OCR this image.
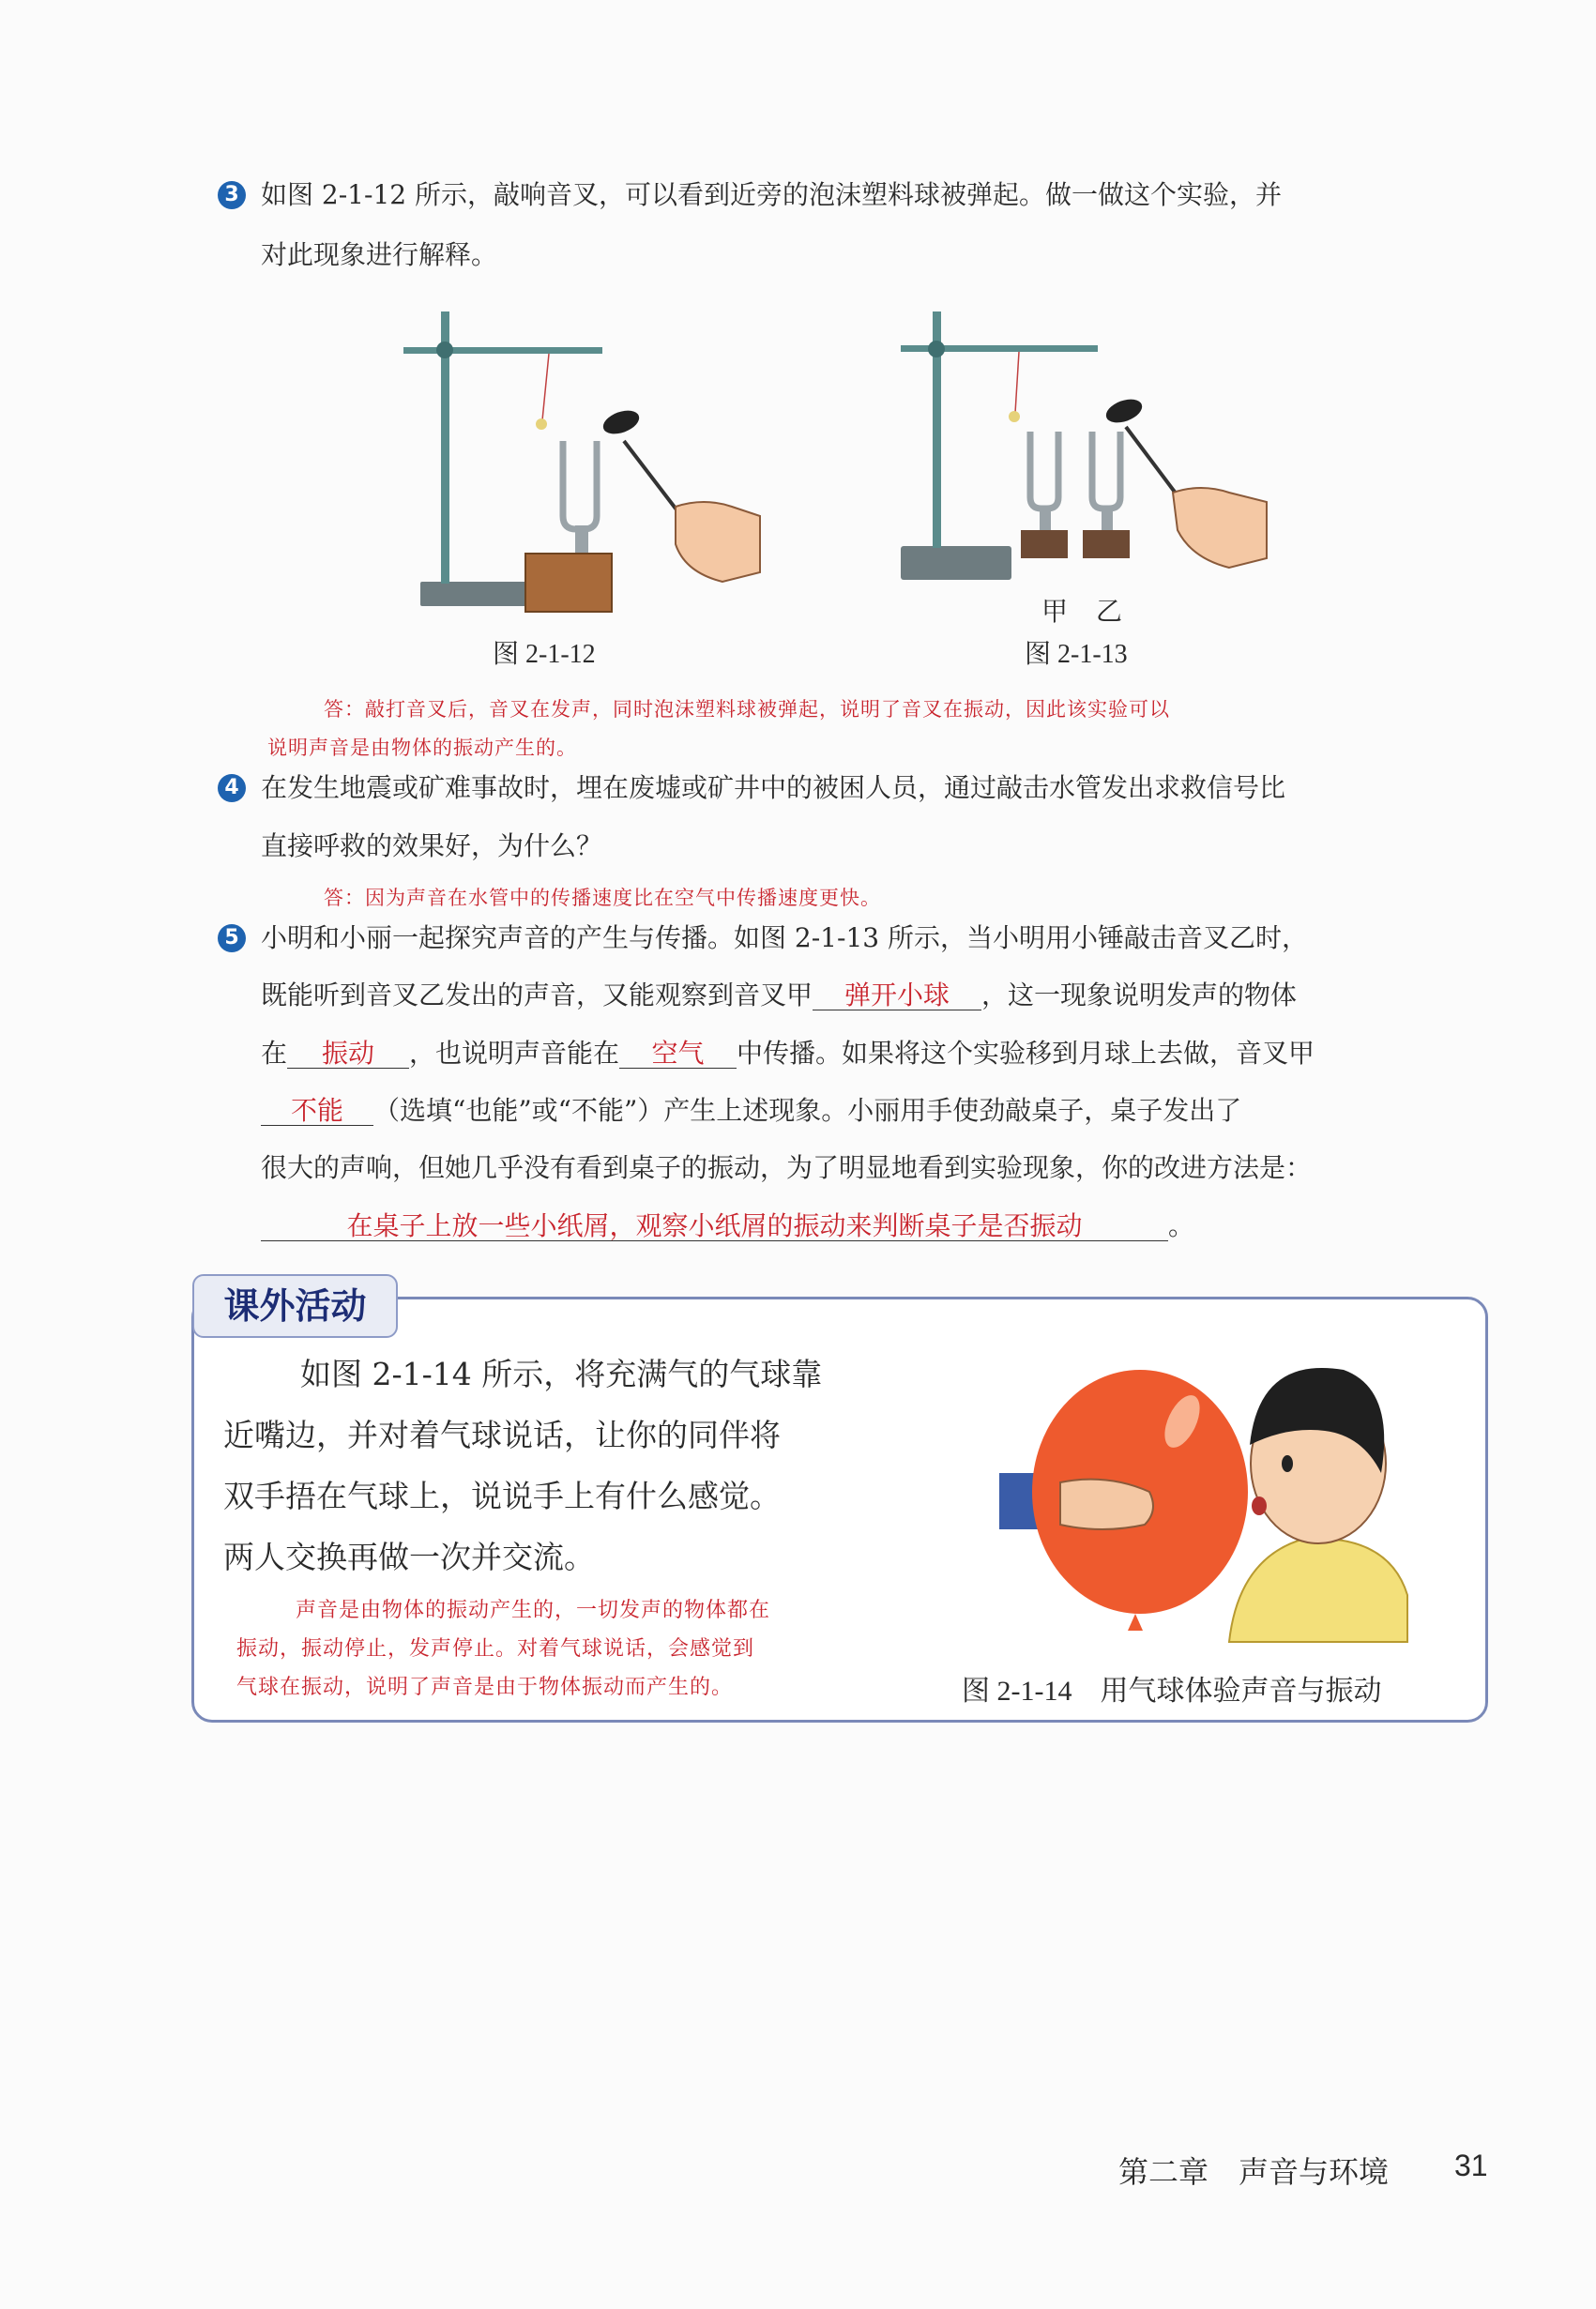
3 如图 2-1-12 所示，敲响音叉，可以看到近旁的泡沫塑料球被弹起。做一做这个实验，并
对此现象进行解释。
图 2-1-12
甲 乙
图 2-1-13
答：敲打音叉后，音叉在发声，同时泡沫塑料球被弹起，说明了音叉在振动，因此该实验可以
说明声音是由物体的振动产生的。
4 在发生地震或矿难事故时，埋在废墟或矿井中的被困人员，通过敲击水管发出求救信号比
直接呼救的效果好，为什么？
答：因为声音在水管中的传播速度比在空气中传播速度更快。
5 小明和小丽一起探究声音的产生与传播。如图 2-1-13 所示，当小明用小锤敲击音叉乙时，
既能听到音叉乙发出的声音，又能观察到音叉甲 弹开小球 ，这一现象说明发声的物体
在 振动 ，也说明声音能在 空气 中传播。如果将这个实验移到月球上去做，音叉甲
不能 （选填“也能”或“不能”）产生上述现象。小丽用手使劲敲桌子，桌子发出了
很大的声响，但她几乎没有看到桌子的振动，为了明显地看到实验现象，你的改进方法是：
在桌子上放一些小纸屑，观察小纸屑的振动来判断桌子是否振动	。
课外活动
如图 2-1-14 所示，将充满气的气球靠
近嘴边，并对着气球说话，让你的同伴将
双手捂在气球上，说说手上有什么感觉。
两人交换再做一次并交流。
声音是由物体的振动产生的，一切发声的物体都在
振动，振动停止，发声停止。对着气球说话，会感觉到
气球在振动，说明了声音是由于物体振动而产生的。	图 2-1-14　用气球体验声音与振动
第二章　声音与环境 31
